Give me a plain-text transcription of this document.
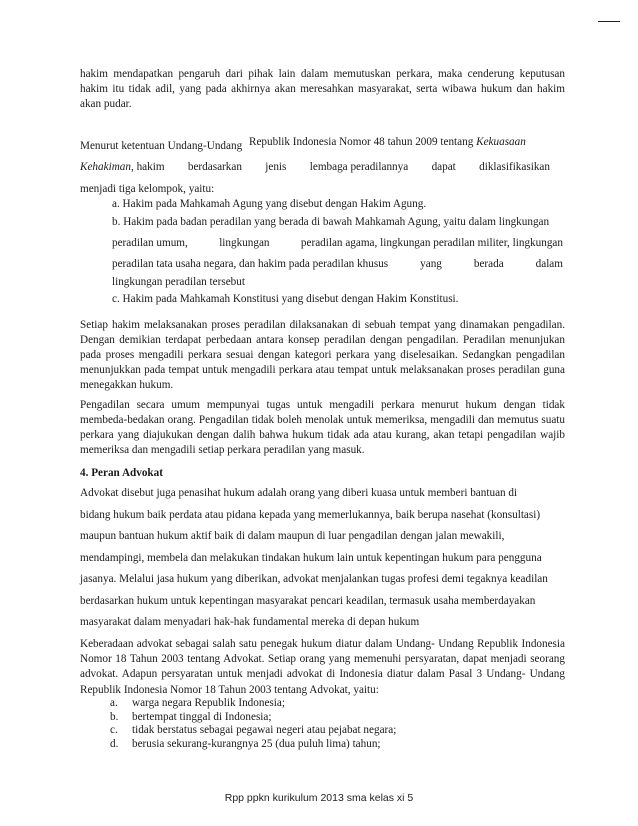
hakim mendapatkan pengaruh dari pihak lain dalam memutuskan perkara, maka cenderung keputusan hakim itu tidak adil, yang pada akhirnya akan meresahkan masyarakat, serta wibawa hukum dan hakim akan pudar.
Menurut ketentuan Undang-Undang Republik Indonesia Nomor 48 tahun 2009 tentang Kekuasaan
Kehakiman, hakim berdasarkan jenis lembaga peradilannya dapat diklasifikasikan
menjadi tiga kelompok, yaitu:
a. Hakim pada Mahkamah Agung yang disebut dengan Hakim Agung.
b. Hakim pada badan peradilan yang berada di bawah Mahkamah Agung, yaitu dalam lingkungan
peradilan umum,	lingkungan	peradilan agama, lingkungan peradilan militer, lingkungan
peradilan tata usaha negara, dan hakim pada peradilan khusus	yang	berada	dalam
lingkungan peradilan tersebut
c. Hakim pada Mahkamah Konstitusi yang disebut dengan Hakim Konstitusi.
Setiap hakim melaksanakan proses peradilan dilaksanakan di sebuah tempat yang dinamakan pengadilan. Dengan demikian terdapat perbedaan antara konsep peradilan dengan pengadilan. Peradilan menunjukan pada proses mengadili perkara sesuai dengan kategori perkara yang diselesaikan. Sedangkan pengadilan menunjukkan pada tempat untuk mengadili perkara atau tempat untuk melaksanakan proses peradilan guna menegakkan hukum.
Pengadilan secara umum mempunyai tugas untuk mengadili perkara menurut hukum dengan tidak membeda-bedakan orang. Pengadilan tidak boleh menolak untuk memeriksa, mengadili dan memutus suatu perkara yang diajukukan dengan dalih bahwa hukum tidak ada atau kurang, akan tetapi pengadilan wajib memeriksa dan mengadili setiap perkara peradilan yang masuk.
4. Peran Advokat
Advokat disebut juga penasihat hukum adalah orang yang diberi kuasa untuk memberi bantuan di
bidang hukum baik perdata atau pidana kepada yang memerlukannya, baik berupa nasehat (konsultasi)
maupun bantuan hukum aktif baik di dalam maupun di luar pengadilan dengan jalan mewakili,
mendampingi, membela dan melakukan tindakan hukum lain untuk kepentingan hukum para pengguna
jasanya. Melalui jasa hukum yang diberikan, advokat menjalankan tugas profesi demi tegaknya keadilan
berdasarkan hukum untuk kepentingan masyarakat pencari keadilan, termasuk usaha memberdayakan
masyarakat dalam menyadari hak-hak fundamental mereka di depan hukum
Keberadaan advokat sebagai salah satu penegak hukum diatur dalam Undang- Undang Republik Indonesia Nomor 18 Tahun 2003 tentang Advokat. Setiap orang yang memenuhi persyaratan, dapat menjadi seorang advokat. Adapun persyaratan untuk menjadi advokat di Indonesia diatur dalam Pasal 3 Undang- Undang Republik Indonesia Nomor 18 Tahun 2003 tentang Advokat, yaitu:
a. warga negara Republik Indonesia;
b. bertempat tinggal di Indonesia;
c. tidak berstatus sebagai pegawai negeri atau pejabat negara;
d. berusia sekurang-kurangnya 25 (dua puluh lima) tahun;
Rpp ppkn kurikulum 2013 sma kelas xi 5
